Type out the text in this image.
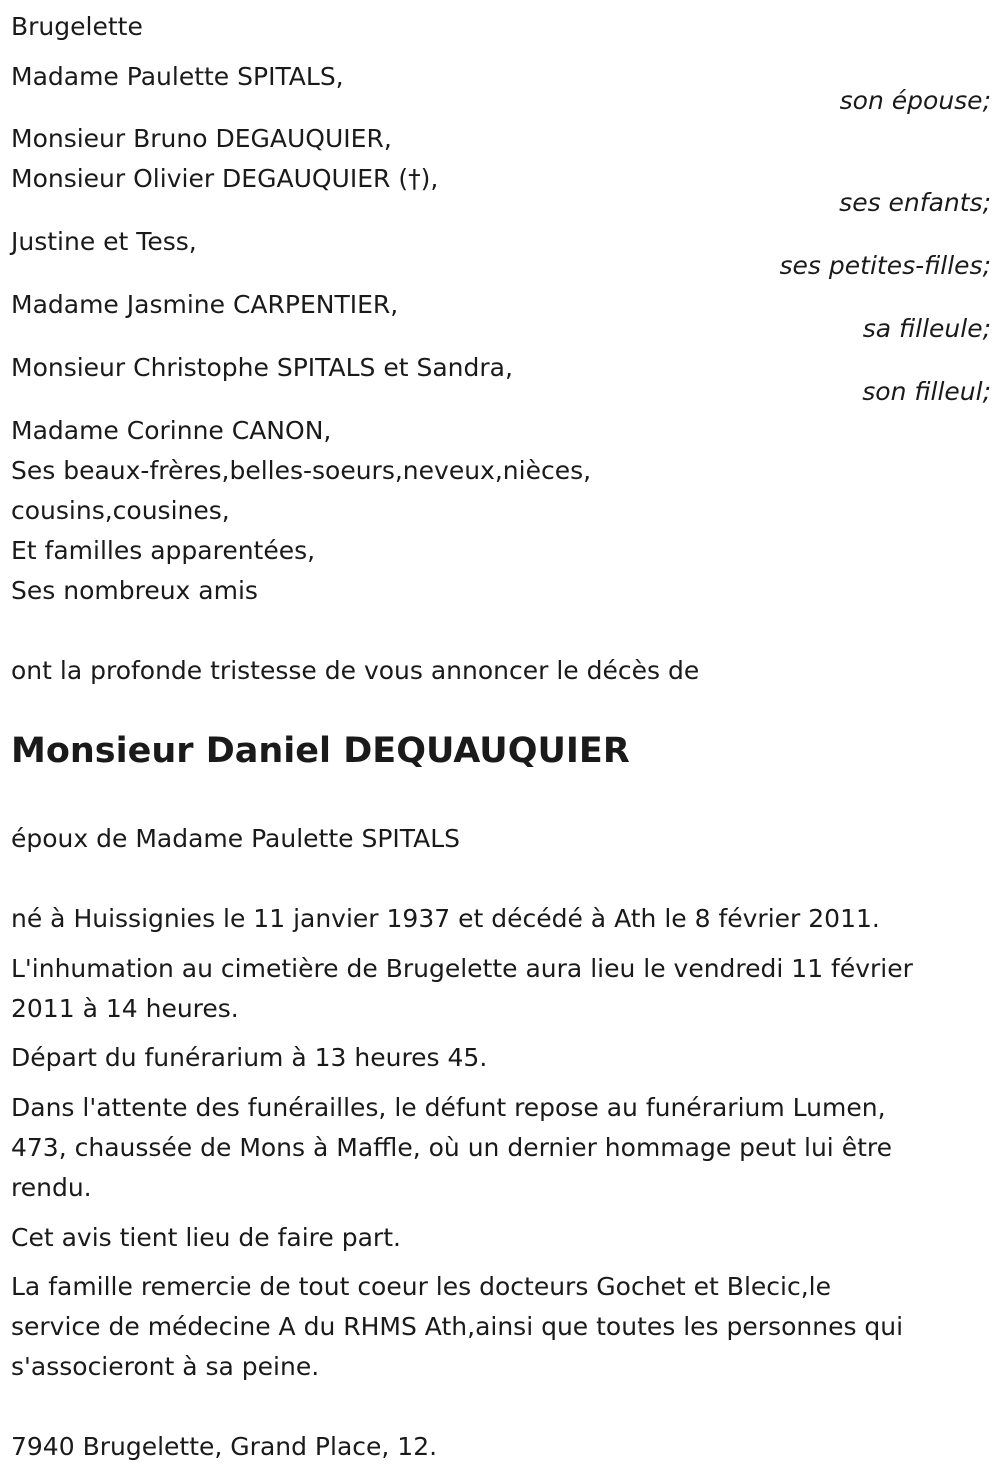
Brugelette
Madame Paulette SPITALS,
son épouse;
Monsieur Bruno DEGAUQUIER,
Monsieur Olivier DEGAUQUIER (†),
ses enfants;
Justine et Tess,
ses petites-filles;
Madame Jasmine CARPENTIER,
sa filleule;
Monsieur Christophe SPITALS et Sandra,
son filleul;
Madame Corinne CANON,
Ses beaux-frères,belles-soeurs,neveux,nièces,
cousins,cousines,
Et familles apparentées,
Ses nombreux amis
ont la profonde tristesse de vous annoncer le décès de
Monsieur Daniel DEQUAUQUIER
époux de Madame Paulette SPITALS
né à Huissignies le 11 janvier 1937 et décédé à Ath le 8 février 2011.
L'inhumation au cimetière de Brugelette aura lieu le vendredi 11 février
2011 à 14 heures.
Départ du funérarium à 13 heures 45.
Dans l'attente des funérailles, le défunt repose au funérarium Lumen,
473, chaussée de Mons à Maffle, où un dernier hommage peut lui être
rendu.
Cet avis tient lieu de faire part.
La famille remercie de tout coeur les docteurs Gochet et Blecic,le
service de médecine A du RHMS Ath,ainsi que toutes les personnes qui
s'associeront à sa peine.
7940 Brugelette, Grand Place, 12.
